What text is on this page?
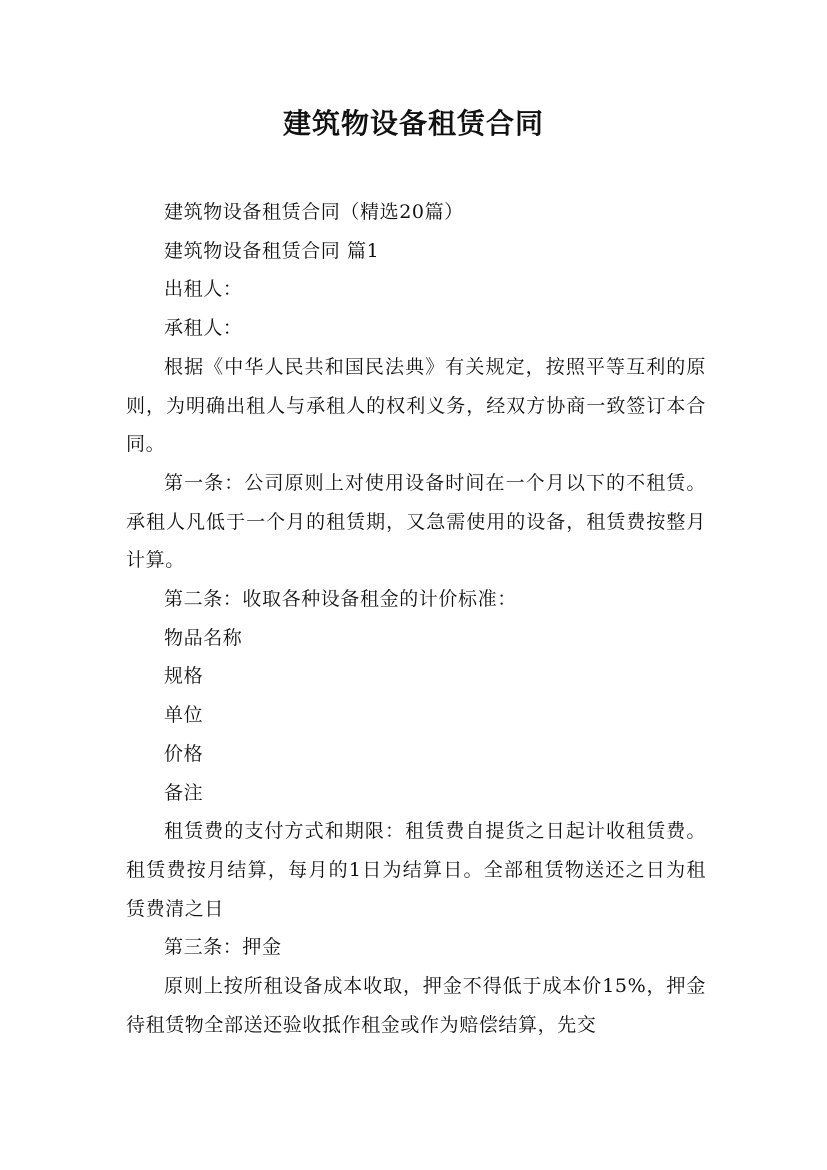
建筑物设备租赁合同

建筑物设备租赁合同（精选20篇）

建筑物设备租赁合同 篇1

出租人：

承租人：

根据《中华人民共和国民法典》有关规定，按照平等互利的原则，为明确出租人与承租人的权利义务，经双方协商一致签订本合同。

第一条：公司原则上对使用设备时间在一个月以下的不租赁。承租人凡低于一个月的租赁期，又急需使用的设备，租赁费按整月计算。

第二条：收取各种设备租金的计价标准：

物品名称

规格

单位

价格

备注

租赁费的支付方式和期限：租赁费自提货之日起计收租赁费。租赁费按月结算，每月的1日为结算日。全部租赁物送还之日为租赁费清之日

第三条：押金

原则上按所租设备成本收取，押金不得低于成本价15%，押金待租赁物全部送还验收抵作租金或作为赔偿结算，先交
